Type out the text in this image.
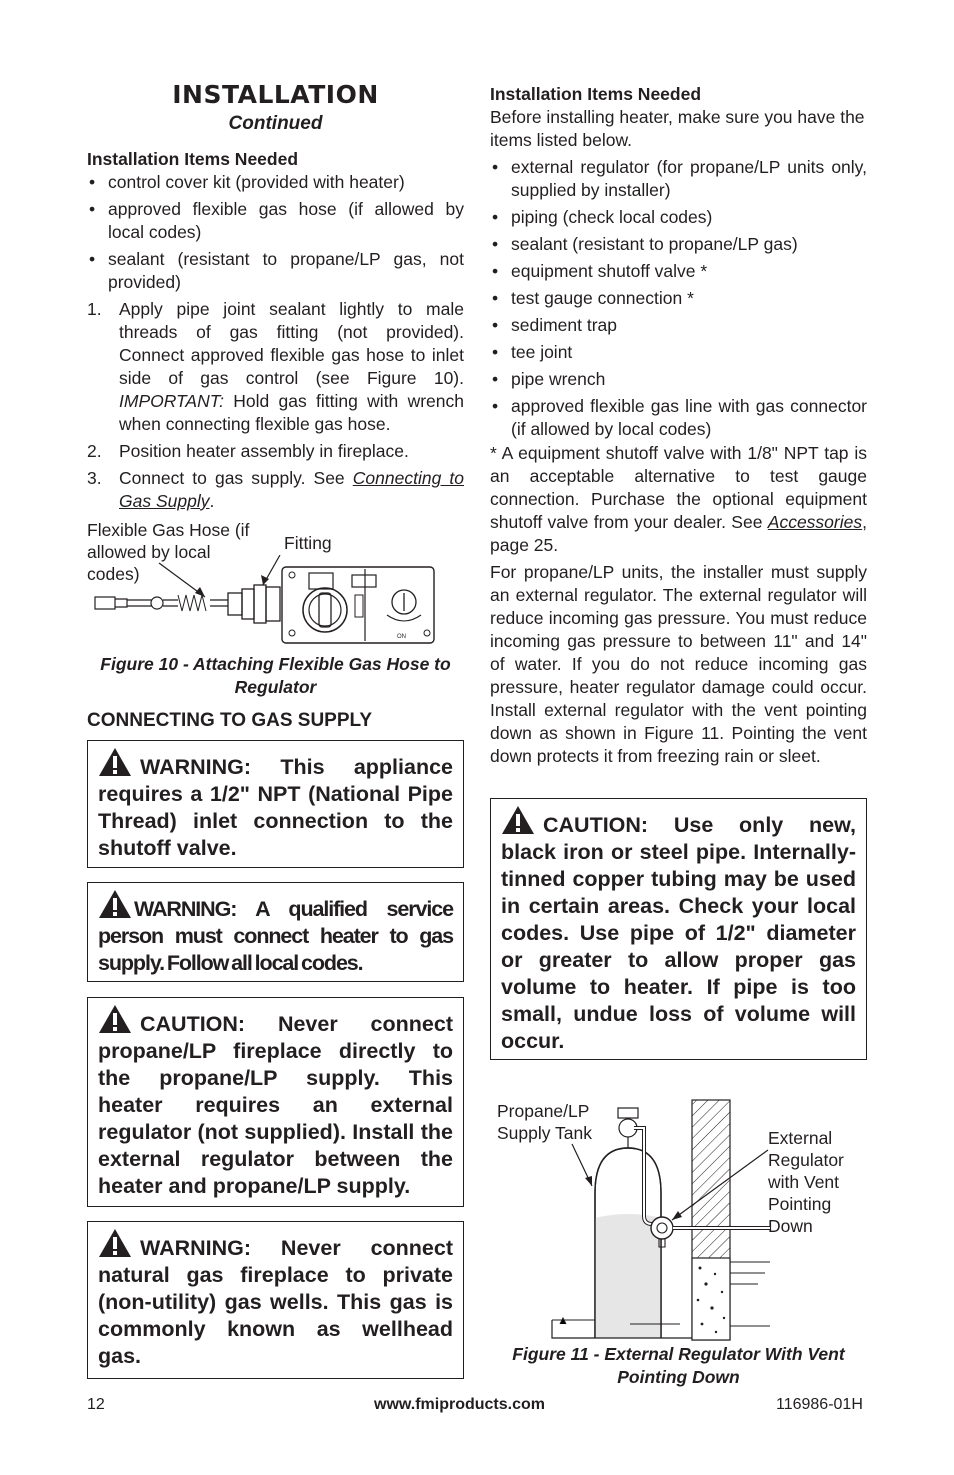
INSTALLATION
Continued
Installation Items Needed
• control cover kit (provided with heater)
• approved flexible gas hose (if allowed by local codes)
• sealant (resistant to propane/LP gas, not provided)
1. Apply pipe joint sealant lightly to male threads of gas fitting (not provided). Connect approved flexible gas hose to inlet side of gas control (see Figure 10). IMPORTANT: Hold gas fitting with wrench when connecting flexible gas hose.
2. Position heater assembly in fireplace.
3. Connect to gas supply. See Connecting to Gas Supply.
Flexible Gas Hose (if allowed by local codes)
Fitting
ON
Figure 10 - Attaching Flexible Gas Hose to Regulator
CONNECTING TO GAS SUPPLY
WARNING: This appliance requires a 1/2" NPT (National Pipe Thread) inlet connection to the shutoff valve.
WARNING: A qualified service person must connect heater to gas supply. Follow all local codes.
CAUTION: Never connect propane/LP fireplace directly to the propane/LP supply. This heater requires an external regulator (not supplied). Install the external regulator between the heater and propane/LP supply.
WARNING: Never connect natural gas fireplace to private (non-utility) gas wells. This gas is commonly known as wellhead gas.
Installation Items Needed
Before installing heater, make sure you have the items listed below.
• external regulator (for propane/LP units only, supplied by installer)
• piping (check local codes)
• sealant (resistant to propane/LP gas)
• equipment shutoff valve *
• test gauge connection *
• sediment trap
• tee joint
• pipe wrench
• approved flexible gas line with gas connector (if allowed by local codes)
* A equipment shutoff valve with 1/8" NPT tap is an acceptable alternative to test gauge connection. Purchase the optional equipment shutoff valve from your dealer. See Accessories, page 25.
For propane/LP units, the installer must supply an external regulator. The external regulator will reduce incoming gas pressure. You must reduce incoming gas pressure to between 11" and 14" of water. If you do not reduce incoming gas pressure, heater regulator damage could occur. Install external regulator with the vent pointing down as shown in Figure 11. Pointing the vent down protects it from freezing rain or sleet.
CAUTION: Use only new, black iron or steel pipe. Internally-tinned copper tubing may be used in certain areas. Check your local codes. Use pipe of 1/2" diameter or greater to allow proper gas volume to heater. If pipe is too small, undue loss of volume will occur.
Propane/LP Supply Tank	External Regulator with Vent Pointing Down
Figure 11 - External Regulator With Vent Pointing Down
12	www.fmiproducts.com	116986-01H
